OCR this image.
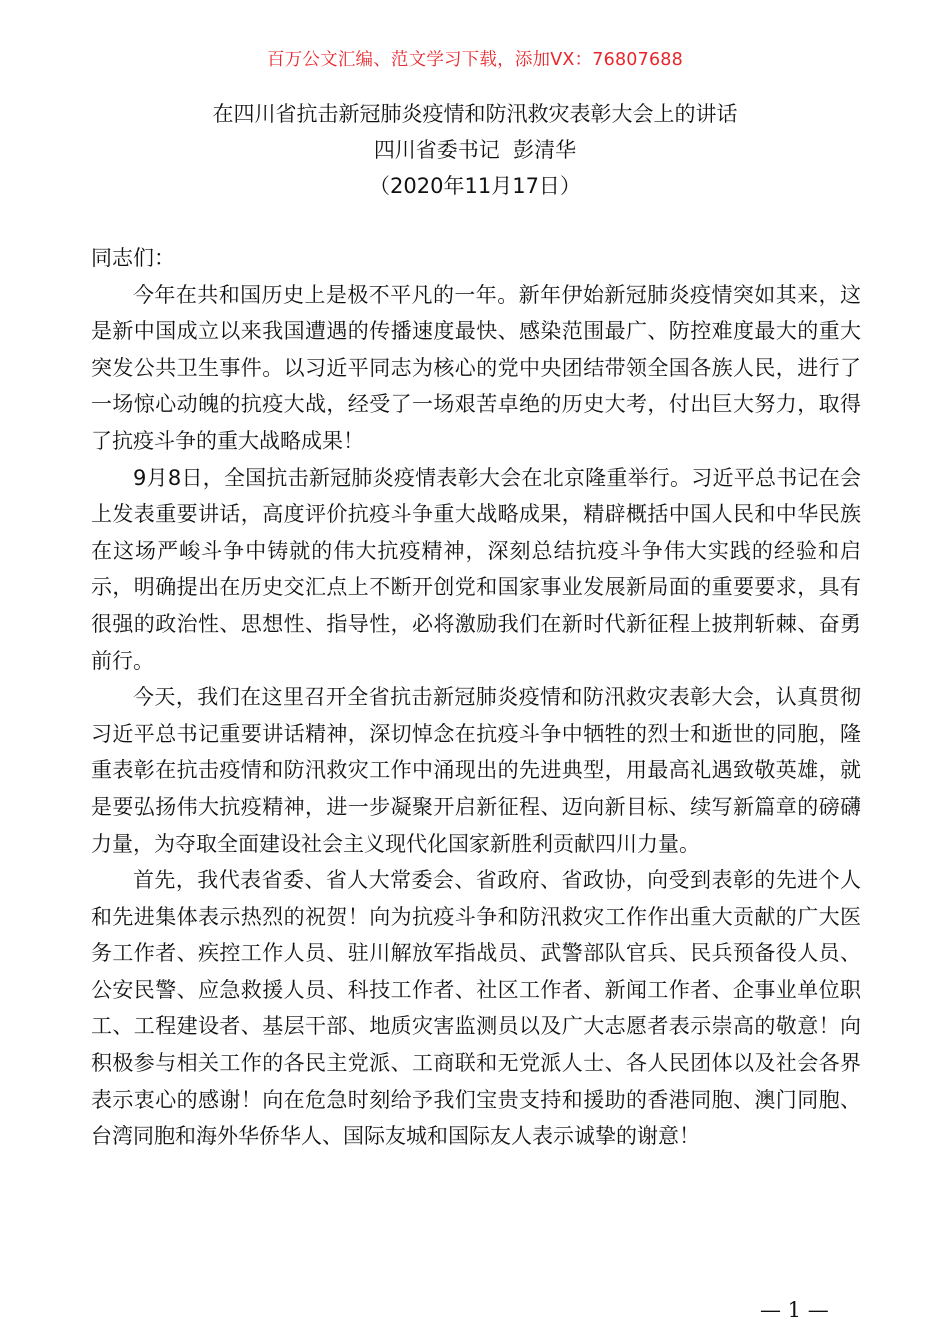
百万公文汇编、范文学习下载，添加VX：76807688
在四川省抗击新冠肺炎疫情和防汛救灾表彰大会上的讲话
四川省委书记  彭清华
（2020年11月17日）

同志们：

今年在共和国历史上是极不平凡的一年。新年伊始新冠肺炎疫情突如其来，这是新中国成立以来我国遭遇的传播速度最快、感染范围最广、防控难度最大的重大突发公共卫生事件。以习近平同志为核心的党中央团结带领全国各族人民，进行了一场惊心动魄的抗疫大战，经受了一场艰苦卓绝的历史大考，付出巨大努力，取得了抗疫斗争的重大战略成果！

9月8日，全国抗击新冠肺炎疫情表彰大会在北京隆重举行。习近平总书记在会上发表重要讲话，高度评价抗疫斗争重大战略成果，精辟概括中国人民和中华民族在这场严峻斗争中铸就的伟大抗疫精神，深刻总结抗疫斗争伟大实践的经验和启示，明确提出在历史交汇点上不断开创党和国家事业发展新局面的重要要求，具有很强的政治性、思想性、指导性，必将激励我们在新时代新征程上披荆斩棘、奋勇前行。

今天，我们在这里召开全省抗击新冠肺炎疫情和防汛救灾表彰大会，认真贯彻习近平总书记重要讲话精神，深切悼念在抗疫斗争中牺牲的烈士和逝世的同胞，隆重表彰在抗击疫情和防汛救灾工作中涌现出的先进典型，用最高礼遇致敬英雄，就是要弘扬伟大抗疫精神，进一步凝聚开启新征程、迈向新目标、续写新篇章的磅礴力量，为夺取全面建设社会主义现代化国家新胜利贡献四川力量。

首先，我代表省委、省人大常委会、省政府、省政协，向受到表彰的先进个人和先进集体表示热烈的祝贺！向为抗疫斗争和防汛救灾工作作出重大贡献的广大医务工作者、疾控工作人员、驻川解放军指战员、武警部队官兵、民兵预备役人员、公安民警、应急救援人员、科技工作者、社区工作者、新闻工作者、企事业单位职工、工程建设者、基层干部、地质灾害监测员以及广大志愿者表示崇高的敬意！向积极参与相关工作的各民主党派、工商联和无党派人士、各人民团体以及社会各界表示衷心的感谢！向在危急时刻给予我们宝贵支持和援助的香港同胞、澳门同胞、台湾同胞和海外华侨华人、国际友城和国际友人表示诚挚的谢意！

— 1 —
